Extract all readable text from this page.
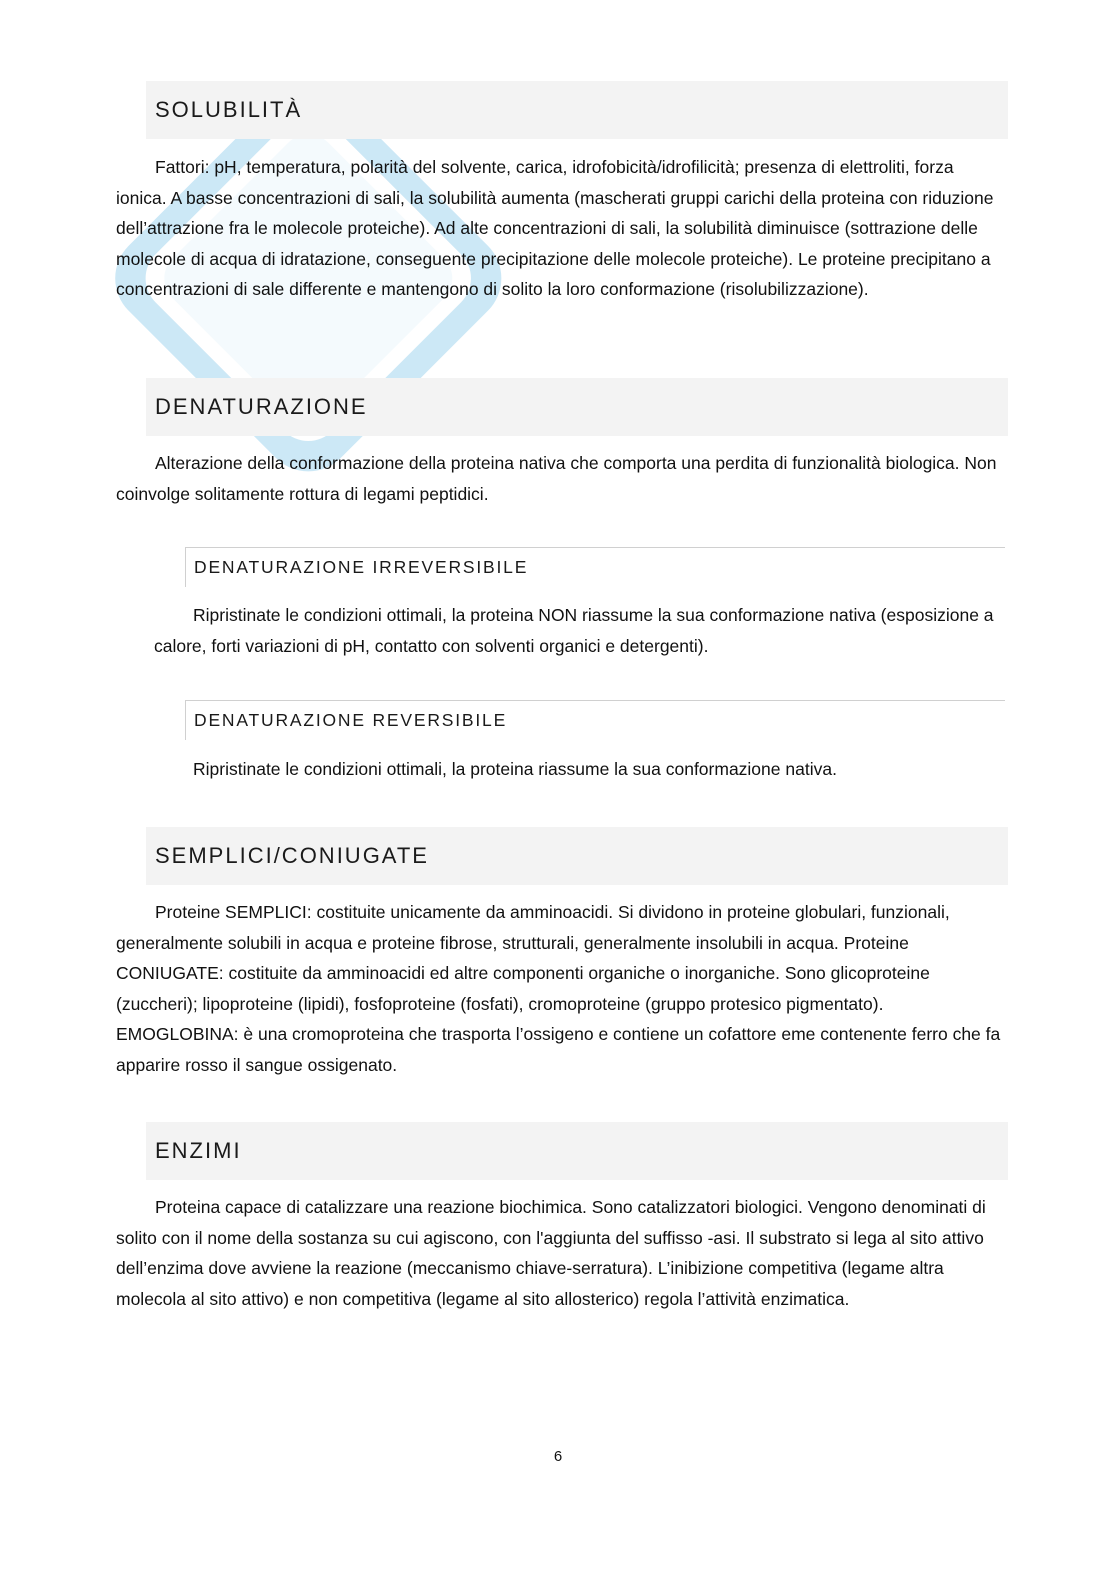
SOLUBILITÀ

Fattori: pH, temperatura, polarità del solvente, carica, idrofobicità/idrofilicità; presenza di elettroliti, forza ionica. A basse concentrazioni di sali, la solubilità aumenta (mascherati gruppi carichi della proteina con riduzione dell’attrazione fra le molecole proteiche). Ad alte concentrazioni di sali, la solubilità diminuisce (sottrazione delle molecole di acqua di idratazione, conseguente precipitazione delle molecole proteiche). Le proteine precipitano a concentrazioni di sale differente e mantengono di solito la loro conformazione (risolubilizzazione).

DENATURAZIONE

Alterazione della conformazione della proteina nativa che comporta una perdita di funzionalità biologica. Non coinvolge solitamente rottura di legami peptidici.

DENATURAZIONE IRREVERSIBILE

Ripristinate le condizioni ottimali, la proteina NON riassume la sua conformazione nativa (esposizione a calore, forti variazioni di pH, contatto con solventi organici e detergenti).

DENATURAZIONE REVERSIBILE

Ripristinate le condizioni ottimali, la proteina riassume la sua conformazione nativa.

SEMPLICI/CONIUGATE

Proteine SEMPLICI: costituite unicamente da amminoacidi. Si dividono in proteine globulari, funzionali, generalmente solubili in acqua e proteine fibrose, strutturali, generalmente insolubili in acqua. Proteine CONIUGATE: costituite da amminoacidi ed altre componenti organiche o inorganiche. Sono glicoproteine (zuccheri); lipoproteine (lipidi), fosfoproteine (fosfati), cromoproteine (gruppo protesico pigmentato). EMOGLOBINA: è una cromoproteina che trasporta l’ossigeno e contiene un cofattore eme contenente ferro che fa apparire rosso il sangue ossigenato.

ENZIMI

Proteina capace di catalizzare una reazione biochimica. Sono catalizzatori biologici. Vengono denominati di solito con il nome della sostanza su cui agiscono, con l'aggiunta del suffisso -asi. Il substrato si lega al sito attivo dell’enzima dove avviene la reazione (meccanismo chiave-serratura). L’inibizione competitiva (legame altra molecola al sito attivo) e non competitiva (legame al sito allosterico) regola l’attività enzimatica.

6
